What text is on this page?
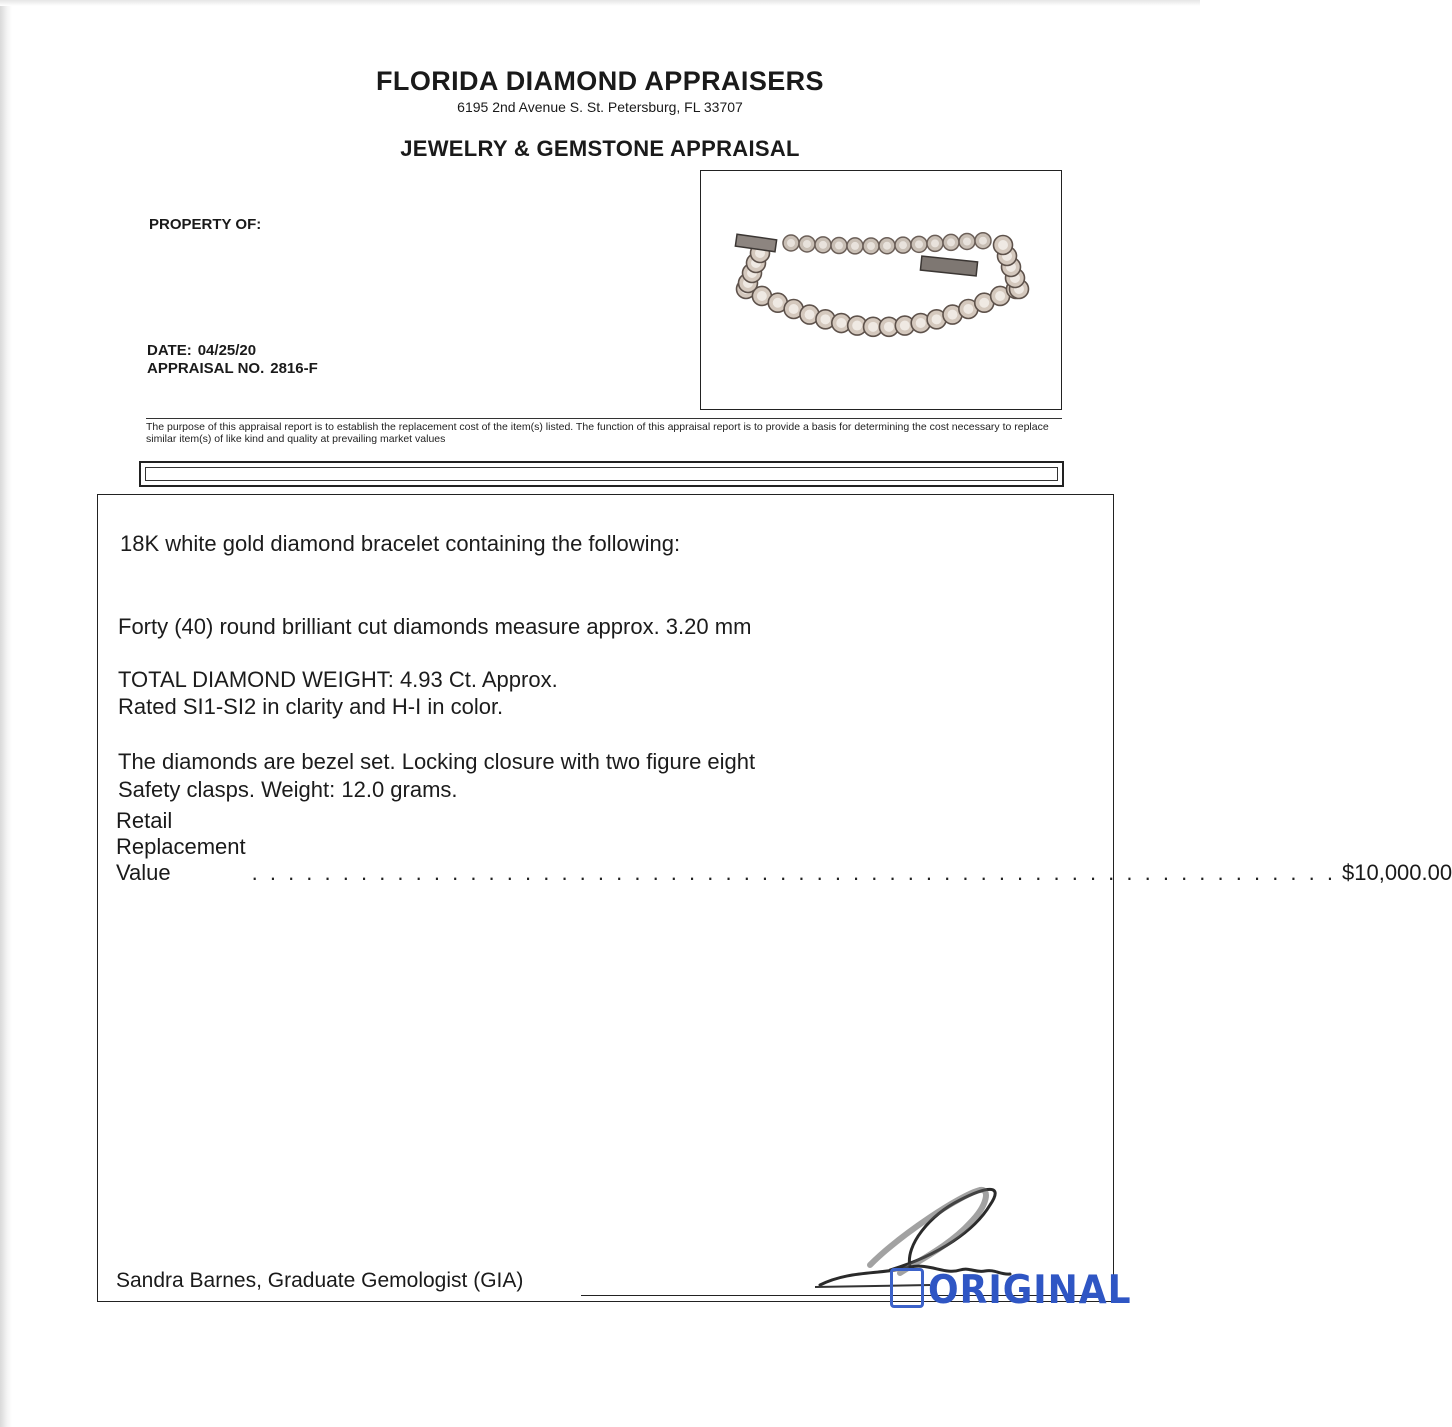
FLORIDA DIAMOND APPRAISERS
6195 2nd Avenue S. St. Petersburg, FL 33707
JEWELRY & GEMSTONE APPRAISAL
PROPERTY OF:
DATE: 04/25/20
APPRAISAL NO. 2816-F
The purpose of this appraisal report is to establish the replacement cost of the item(s) listed. The function of this appraisal report is to provide a basis for determining the cost necessary to replace similar item(s) of like kind and quality at prevailing market values
18K white gold diamond bracelet containing the following:
Forty (40) round brilliant cut diamonds measure approx. 3.20 mm
TOTAL DIAMOND WEIGHT: 4.93 Ct. Approx.
Rated SI1-SI2 in clarity and H-I in color.
The diamonds are bezel set. Locking closure with two figure eight
Safety clasps. Weight: 12.0 grams.
Retail Replacement Value	. . . . . . . . . . . . . . . . . . . . . . . . . . . . . . . . . . . . . . . . . . . . . . . . . . . . . . . . . . . . $10,000.00
Sandra Barnes, Graduate Gemologist (GIA)	ORIGINAL
